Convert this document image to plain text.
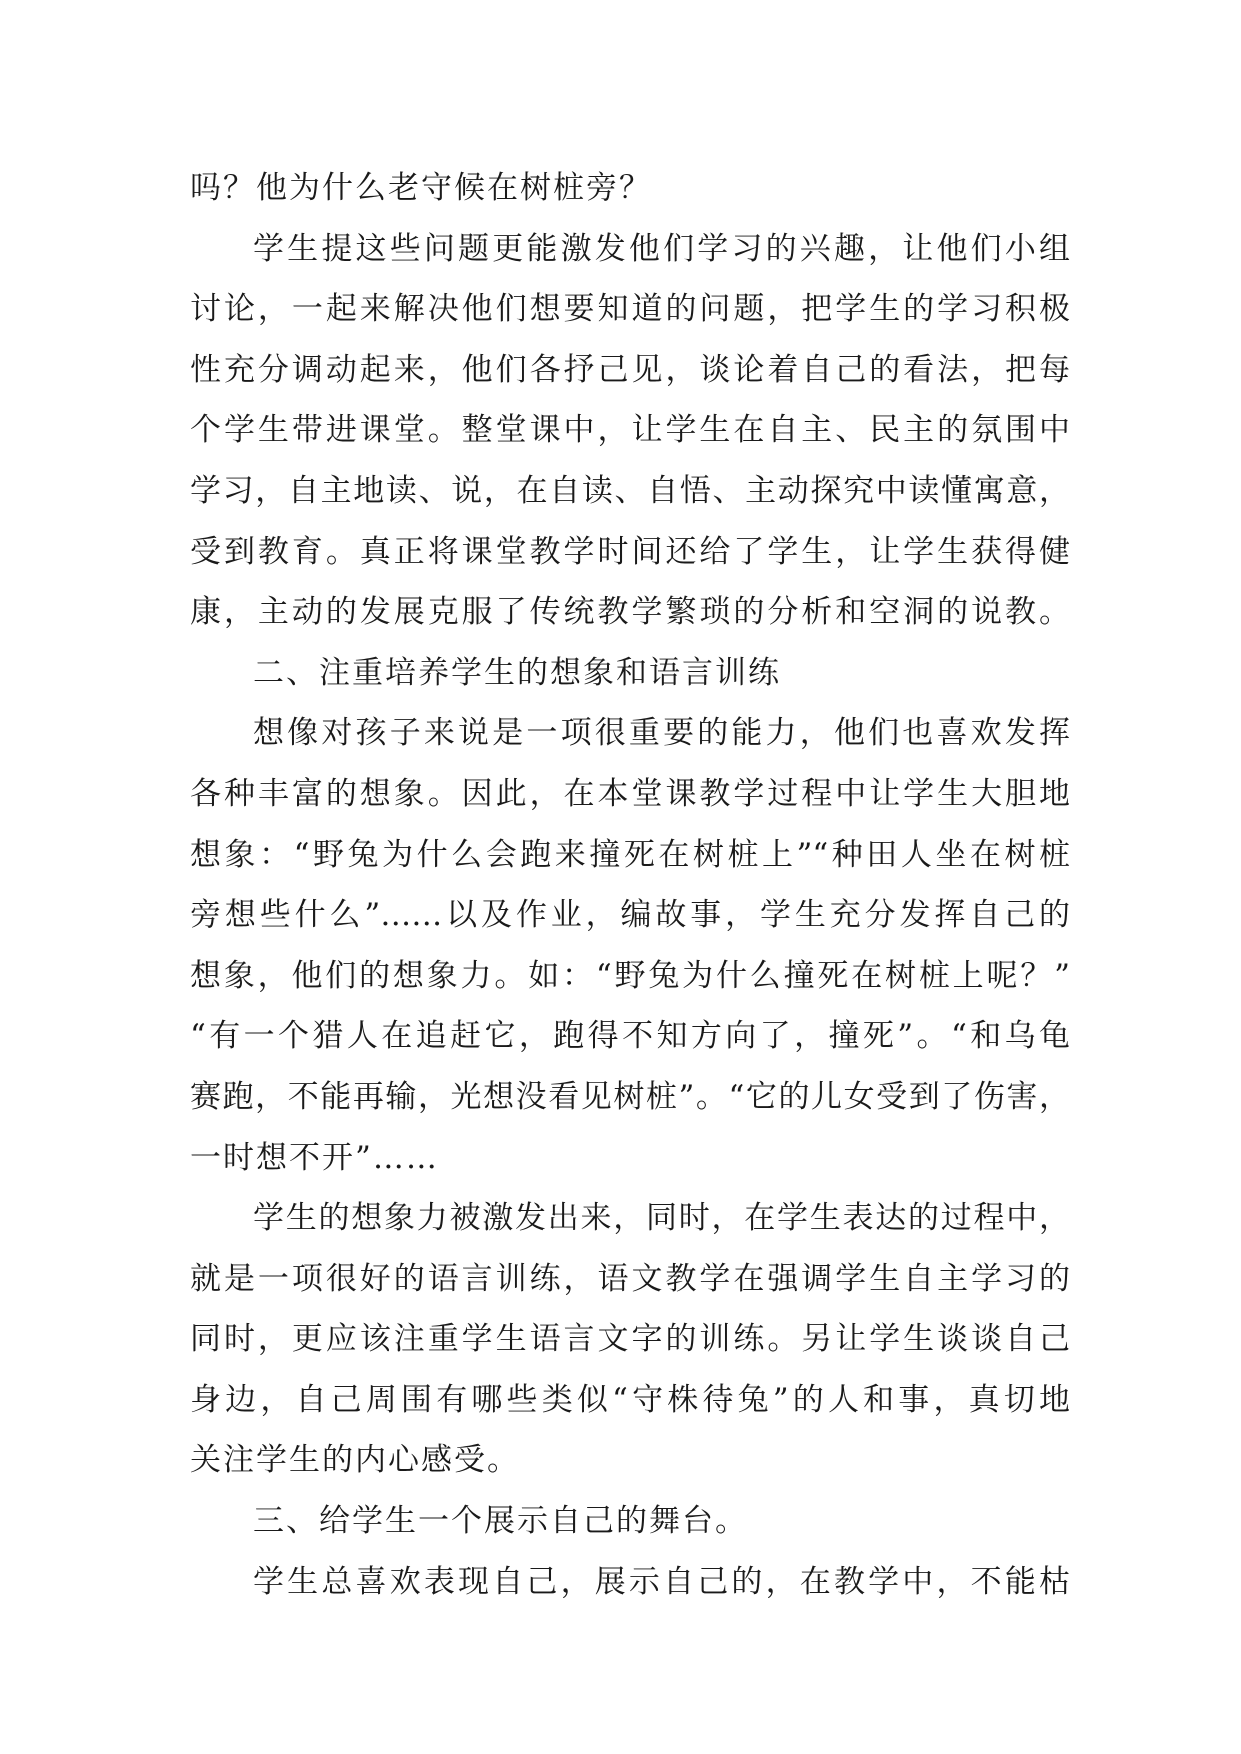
吗？他为什么老守候在树桩旁？
学生提这些问题更能激发他们学习的兴趣，让他们小组
讨论，一起来解决他们想要知道的问题，把学生的学习积极
性充分调动起来，他们各抒己见，谈论着自己的看法，把每
个学生带进课堂。整堂课中，让学生在自主、民主的氛围中
学习，自主地读、说，在自读、自悟、主动探究中读懂寓意，
受到教育。真正将课堂教学时间还给了学生，让学生获得健
康，主动的发展克服了传统教学繁琐的分析和空洞的说教。
二、注重培养学生的想象和语言训练
想像对孩子来说是一项很重要的能力，他们也喜欢发挥
各种丰富的想象。因此，在本堂课教学过程中让学生大胆地
想象：“野兔为什么会跑来撞死在树桩上”“种田人坐在树桩
旁想些什么”……以及作业，编故事，学生充分发挥自己的
想象，他们的想象力。如：“野兔为什么撞死在树桩上呢？”
“有一个猎人在追赶它，跑得不知方向了，撞死”。“和乌龟
赛跑，不能再输，光想没看见树桩”。“它的儿女受到了伤害，
一时想不开”……
学生的想象力被激发出来，同时，在学生表达的过程中，
就是一项很好的语言训练，语文教学在强调学生自主学习的
同时，更应该注重学生语言文字的训练。另让学生谈谈自己
身边，自己周围有哪些类似“守株待兔”的人和事，真切地
关注学生的内心感受。
三、给学生一个展示自己的舞台。
学生总喜欢表现自己，展示自己的，在教学中，不能枯
